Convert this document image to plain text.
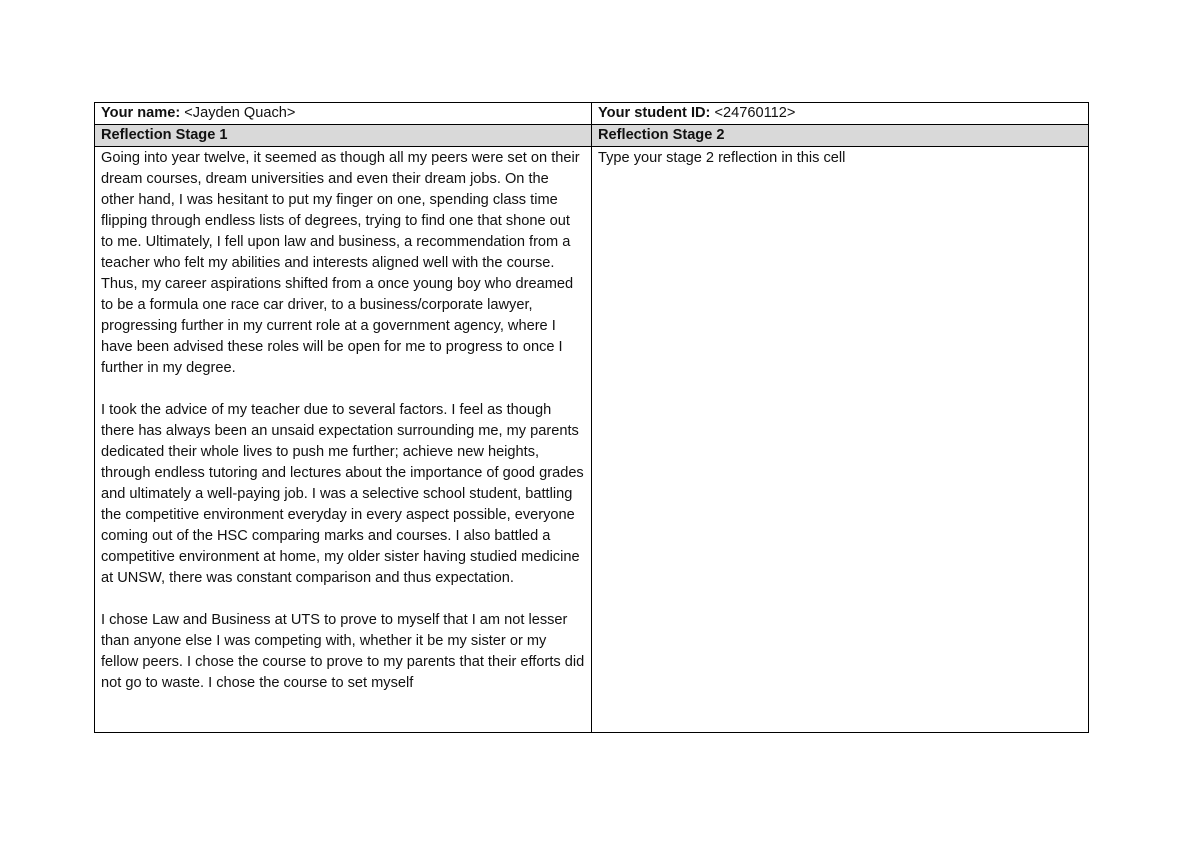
Your name: <Jayden Quach>	Your student ID: <24760112>
Reflection Stage 1	Reflection Stage 2

Going into year twelve, it seemed as though all my peers were set on their dream courses, dream universities and even their dream jobs. On the other hand, I was hesitant to put my finger on one, spending class time flipping through endless lists of degrees, trying to find one that shone out to me. Ultimately, I fell upon law and business, a recommendation from a teacher who felt my abilities and interests aligned well with the course. Thus, my career aspirations shifted from a once young boy who dreamed to be a formula one race car driver, to a business/corporate lawyer, progressing further in my current role at a government agency, where I have been advised these roles will be open for me to progress to once I further in my degree.

I took the advice of my teacher due to several factors. I feel as though there has always been an unsaid expectation surrounding me, my parents dedicated their whole lives to push me further; achieve new heights, through endless tutoring and lectures about the importance of good grades and ultimately a well-paying job. I was a selective school student, battling the competitive environment everyday in every aspect possible, everyone coming out of the HSC comparing marks and courses. I also battled a competitive environment at home, my older sister having studied medicine at UNSW, there was constant comparison and thus expectation.

I chose Law and Business at UTS to prove to myself that I am not lesser than anyone else I was competing with, whether it be my sister or my fellow peers. I chose the course to prove to my parents that their efforts did not go to waste. I chose the course to set myself	Type your stage 2 reflection in this cell
